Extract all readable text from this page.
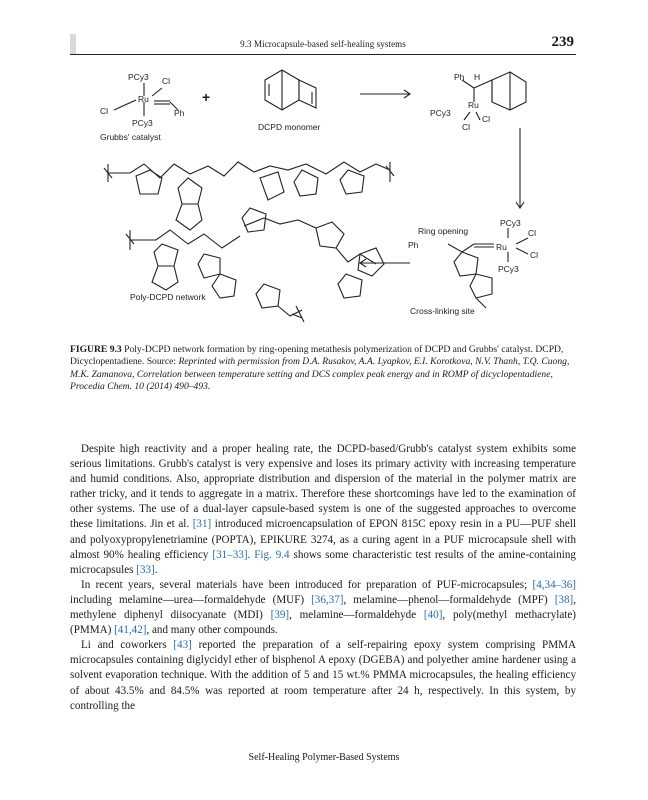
9.3 Microcapsule-based self-healing systems	239
PCy3 Cl
Ru
Ph
Cl
PCy3
Grubbs' catalyst
+
DCPD monomer
Ph H
Ru
PCy3
Cl
Cl
Ring opening
Ph
PCy3
Cl
Ru
Cl
PCy3
Poly-DCPD network
Cross-linking site
FIGURE 9.3 Poly-DCPD network formation by ring-opening metathesis polymerization of DCPD and Grubbs' catalyst. DCPD, Dicyclopentadiene. Source: Reprinted with permission from D.A. Rusakov, A.A. Lyapkov, E.I. Korotkova, N.V. Thanh, T.Q. Cuong, M.K. Zamanova, Correlation between temperature setting and DCS complex peak energy and in ROMP of dicyclopentadiene, Procedia Chem. 10 (2014) 490–493.

Despite high reactivity and a proper healing rate, the DCPD-based/Grubb's catalyst system exhibits some serious limitations. Grubb's catalyst is very expensive and loses its primary activity with increasing temperature and humid conditions. Also, appropriate distribution and dispersion of the material in the polymer matrix are rather tricky, and it tends to aggregate in a matrix. Therefore these shortcomings have led to the examination of other systems. The use of a dual-layer capsule-based system is one of the suggested approaches to overcome these limitations. Jin et al. [31] introduced microencapsulation of EPON 815C epoxy resin in a PU—PUF shell and polyoxypropylenetriamine (POPTA), EPIKURE 3274, as a curing agent in a PUF microcapsule shell with almost 90% healing efficiency [31–33]. Fig. 9.4 shows some characteristic test results of the amine-containing microcapsules [33].

In recent years, several materials have been introduced for preparation of PUF-microcapsules; [4,34–36] including melamine—urea—formaldehyde (MUF) [36,37], melamine—phenol—formaldehyde (MPF) [38], methylene diphenyl diisocyanate (MDI) [39], melamine—formaldehyde [40], poly(methyl methacrylate) (PMMA) [41,42], and many other compounds.

Li and coworkers [43] reported the preparation of a self-repairing epoxy system comprising PMMA microcapsules containing diglycidyl ether of bisphenol A epoxy (DGEBA) and polyether amine hardener using a solvent evaporation technique. With the addition of 5 and 15 wt.% PMMA microcapsules, the healing efficiency of about 43.5% and 84.5% was reported at room temperature after 24 h, respectively. In this system, by controlling the

Self-Healing Polymer-Based Systems
